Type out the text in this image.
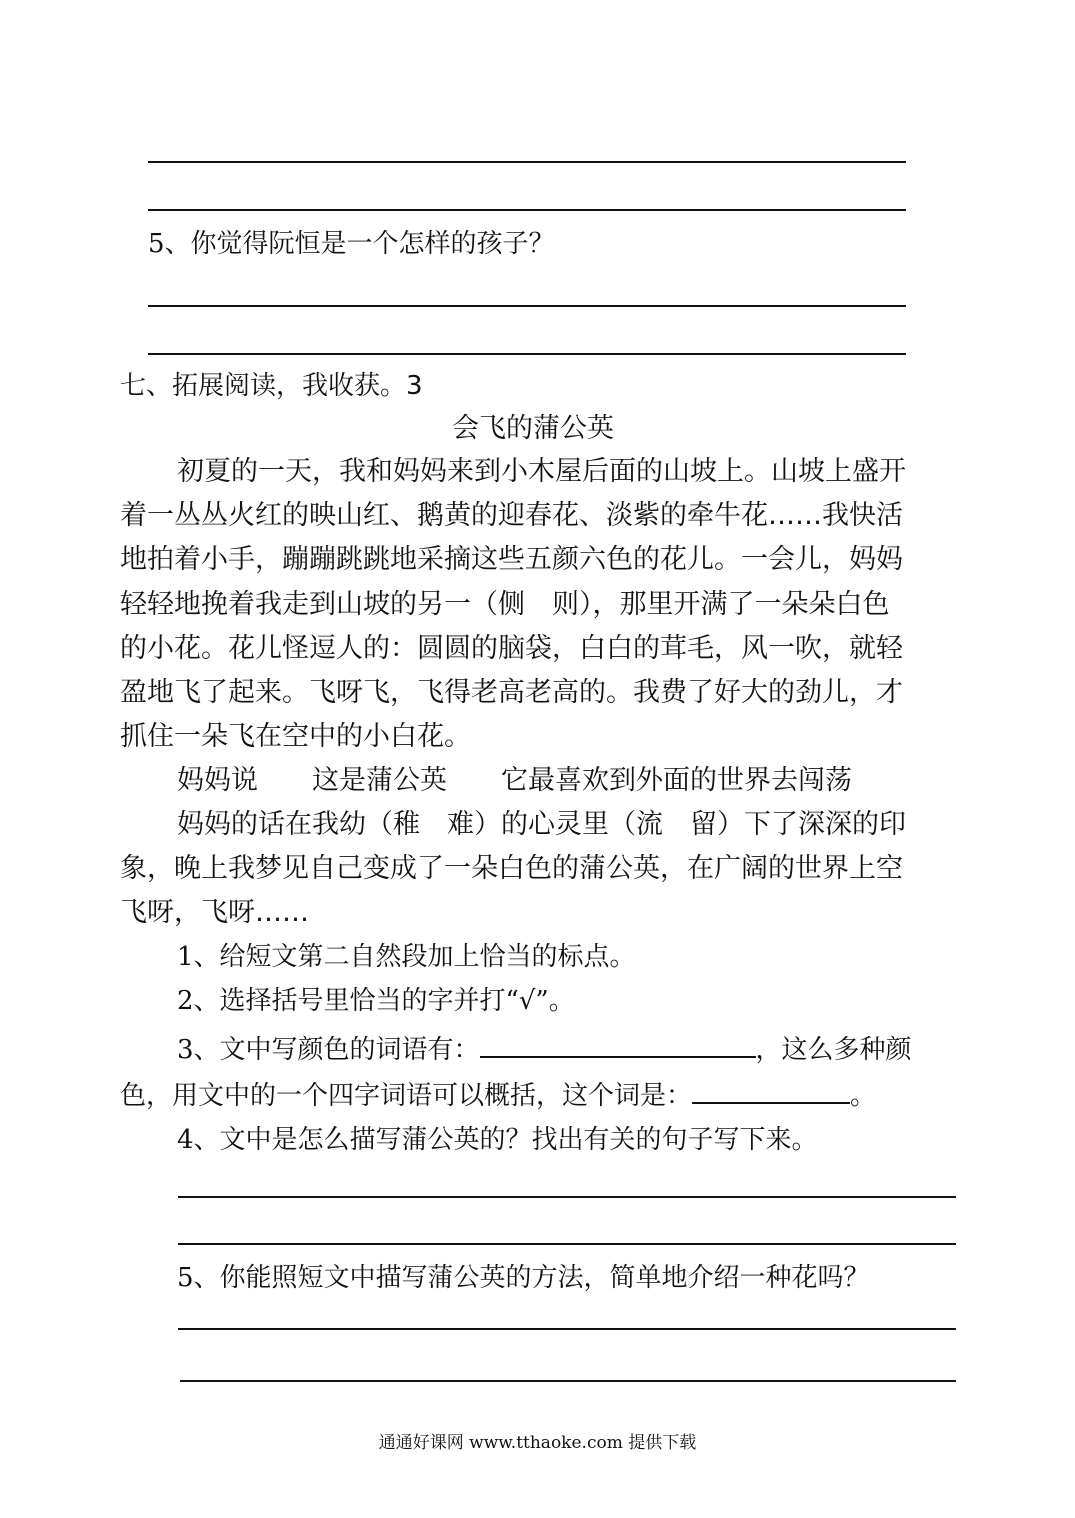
5、你觉得阮恒是一个怎样的孩子？
七、拓展阅读，我收获。3
会飞的蒲公英
初夏的一天，我和妈妈来到小木屋后面的山坡上。山坡上盛开
着一丛丛火红的映山红、鹅黄的迎春花、淡紫的牵牛花……我快活
地拍着小手，蹦蹦跳跳地采摘这些五颜六色的花儿。一会儿，妈妈
轻轻地挽着我走到山坡的另一（侧　则），那里开满了一朵朵白色
的小花。花儿怪逗人的：圆圆的脑袋，白白的茸毛，风一吹，就轻
盈地飞了起来。飞呀飞，飞得老高老高的。我费了好大的劲儿，才
抓住一朵飞在空中的小白花。
妈妈说　　这是蒲公英　　它最喜欢到外面的世界去闯荡
妈妈的话在我幼（稚　难）的心灵里（流　留）下了深深的印
象，晚上我梦见自己变成了一朵白色的蒲公英，在广阔的世界上空
飞呀，飞呀……
1、给短文第二自然段加上恰当的标点。
2、选择括号里恰当的字并打“√”。
3、文中写颜色的词语有：	，这么多种颜
色，用文中的一个四字词语可以概括，这个词是：	。
4、文中是怎么描写蒲公英的？找出有关的句子写下来。
5、你能照短文中描写蒲公英的方法，简单地介绍一种花吗？
通通好课网 www.tthaoke.com 提供下载
